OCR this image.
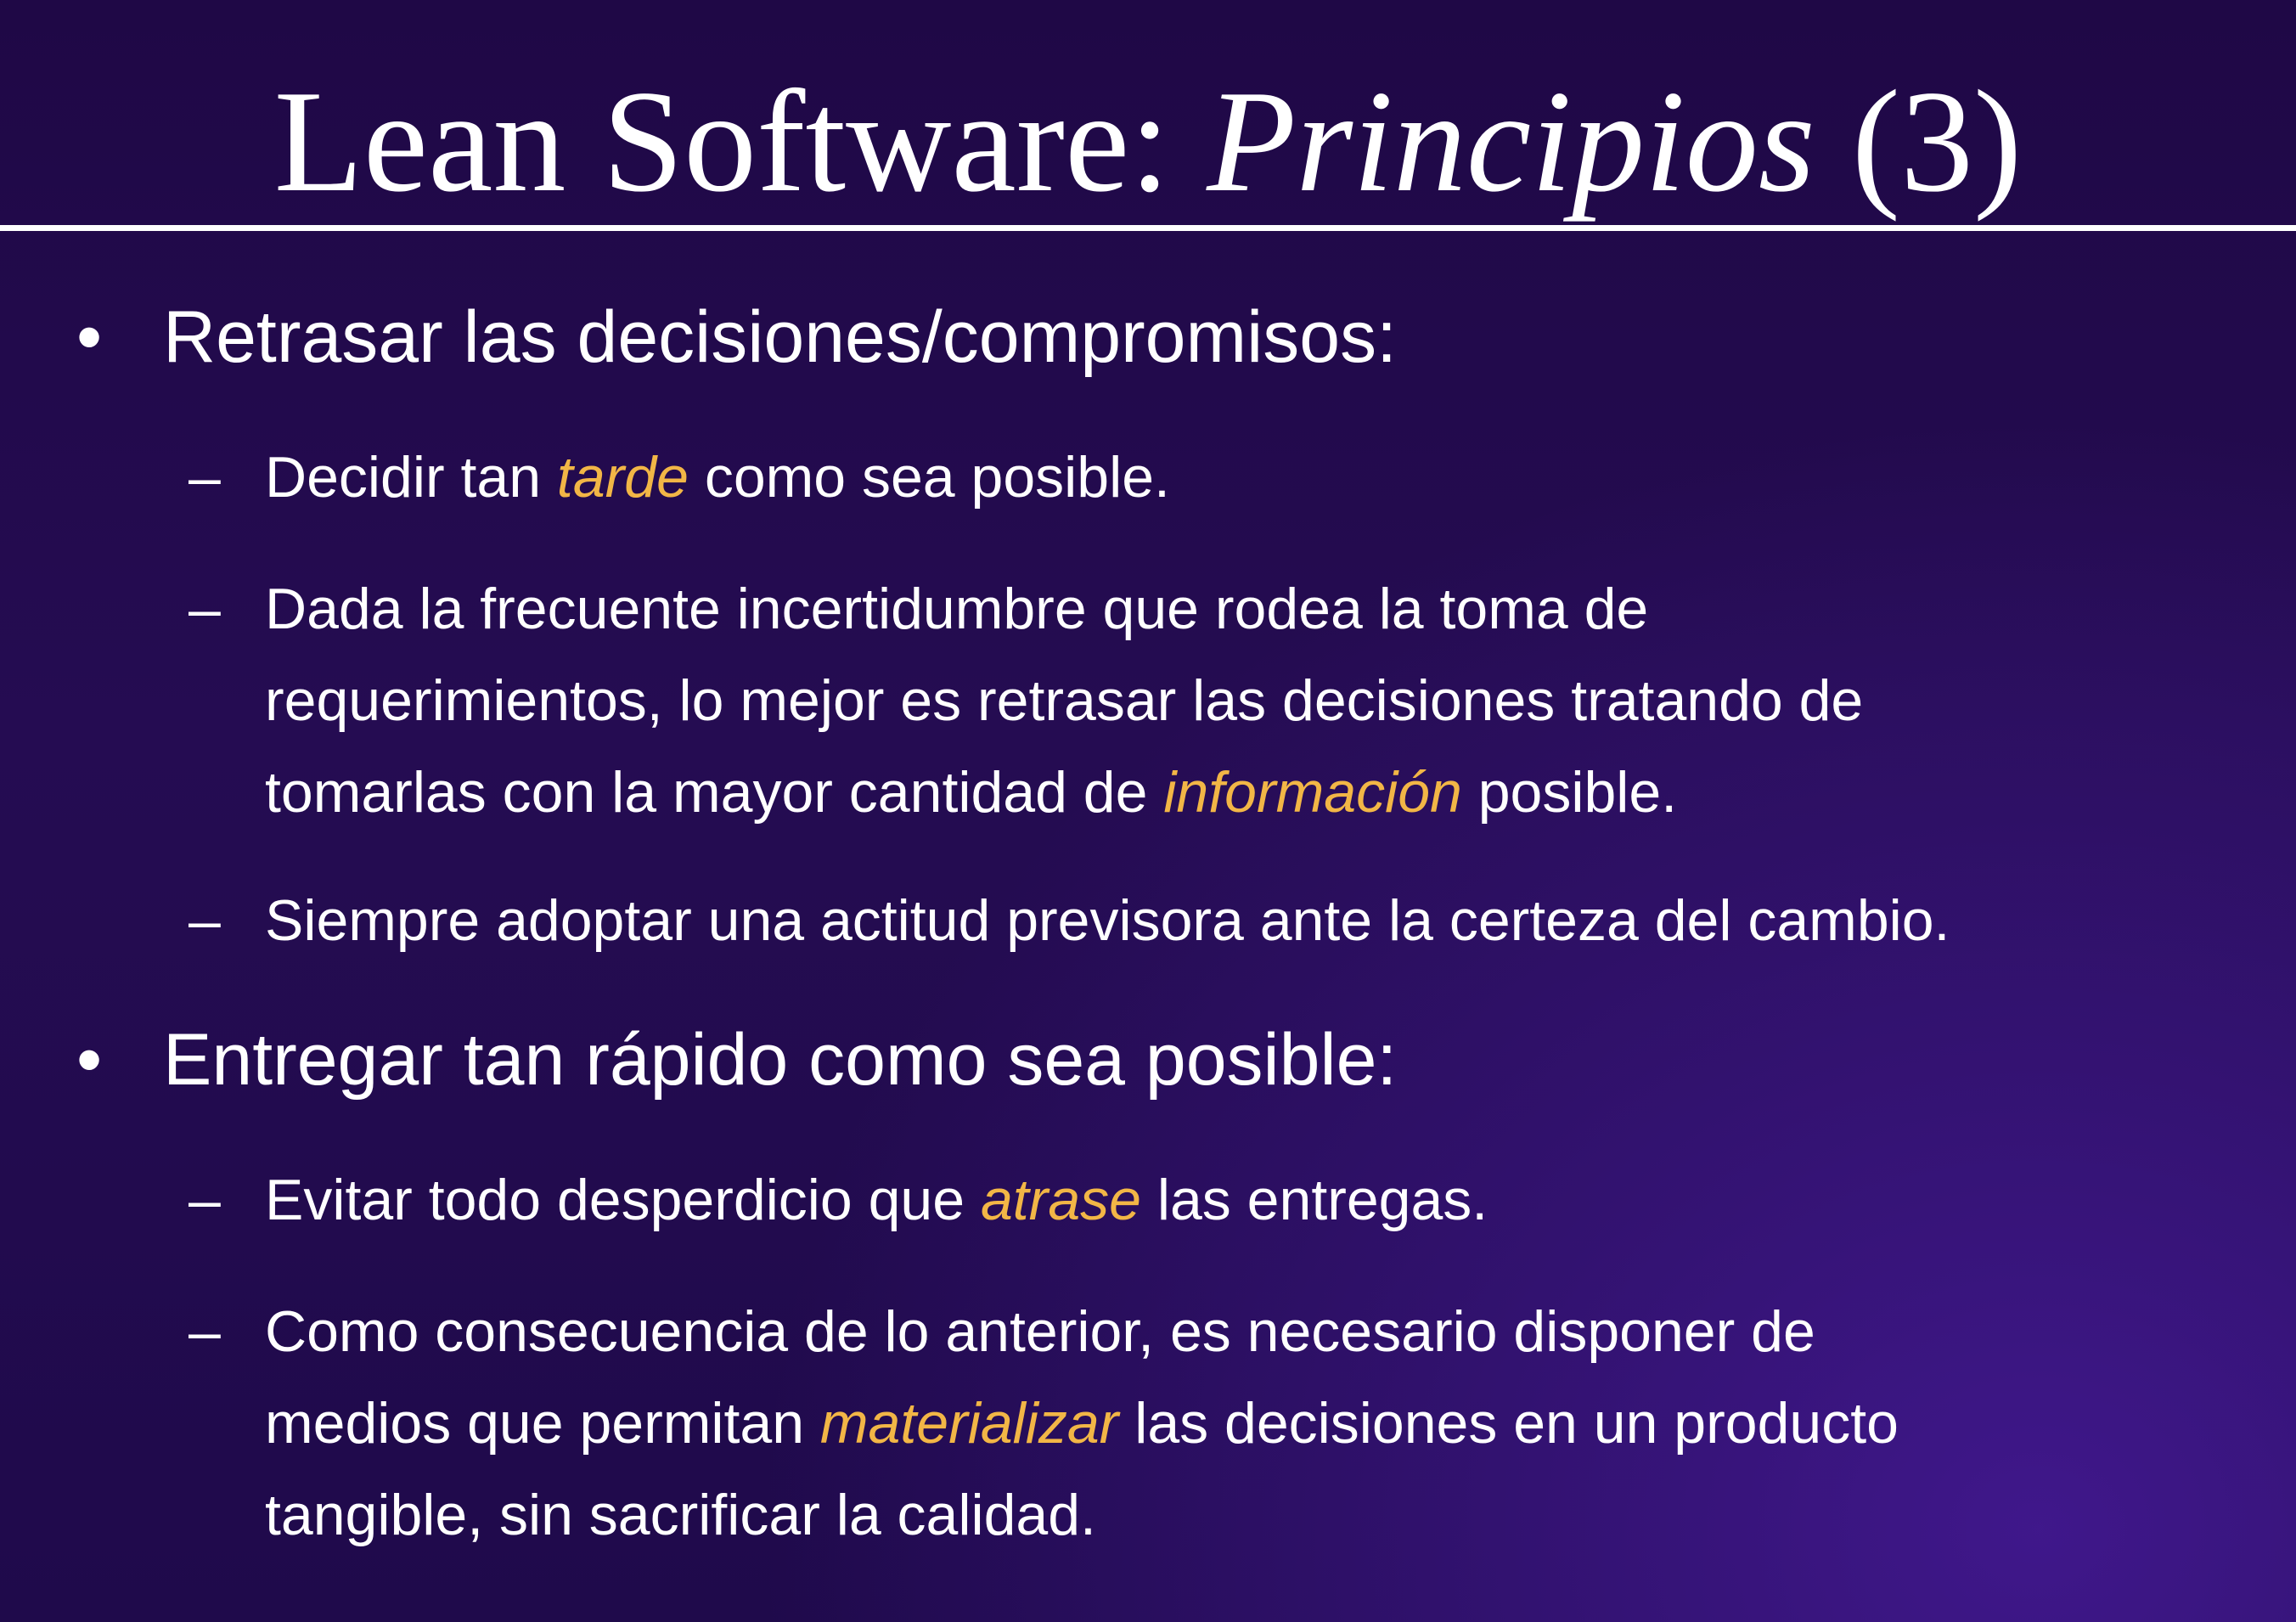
Lean Software: Principios (3)
• Retrasar las decisiones/compromisos:
– Decidir tan tarde como sea posible.
– Dada la frecuente incertidumbre que rodea la toma de
requerimientos, lo mejor es retrasar las decisiones tratando de
tomarlas con la mayor cantidad de información posible.
– Siempre adoptar una actitud previsora ante la certeza del cambio.
• Entregar tan rápido como sea posible:
– Evitar todo desperdicio que atrase las entregas.
– Como consecuencia de lo anterior, es necesario disponer de
medios que permitan materializar las decisiones en un producto
tangible, sin sacrificar la calidad.
